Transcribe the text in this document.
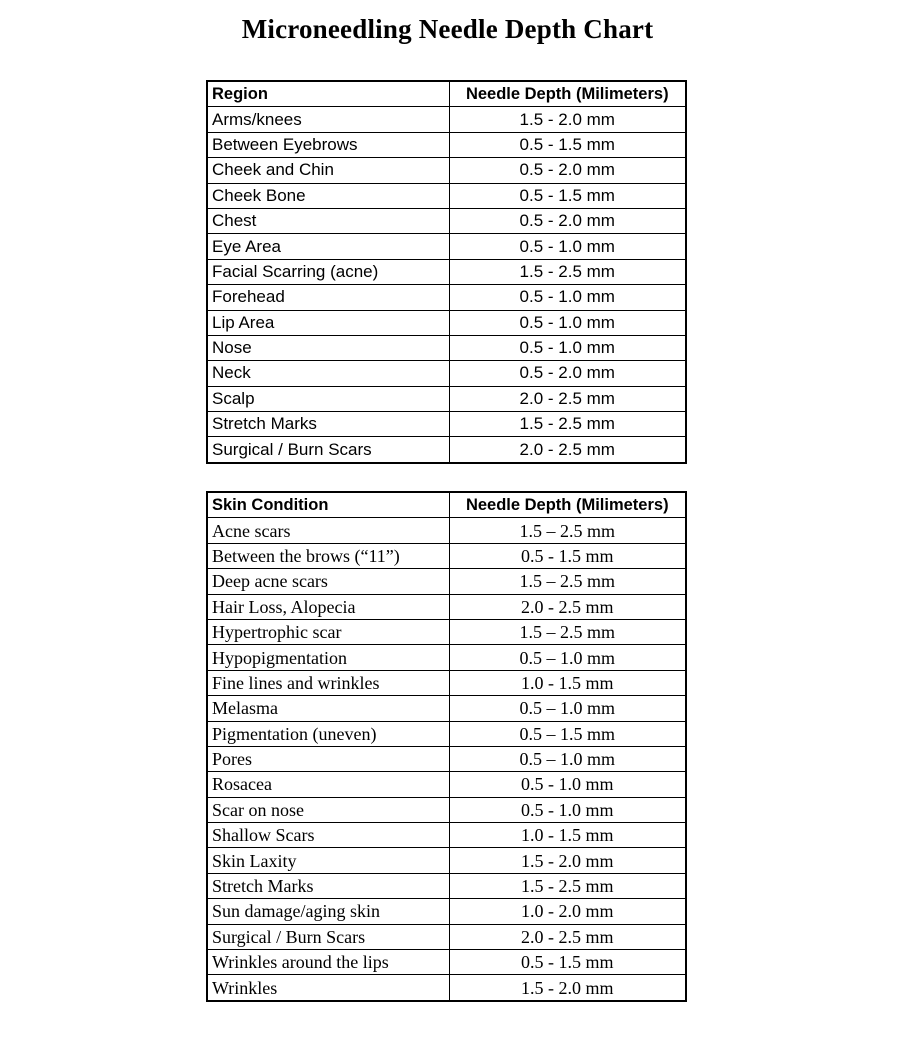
Microneedling Needle Depth Chart
Region	Needle Depth (Milimeters)
Arms/knees	1.5 - 2.0 mm
Between Eyebrows	0.5 - 1.5 mm
Cheek and Chin	0.5 - 2.0 mm
Cheek Bone	0.5 - 1.5 mm
Chest	0.5 - 2.0 mm
Eye Area	0.5 - 1.0 mm
Facial Scarring (acne)	1.5 - 2.5 mm
Forehead	0.5 - 1.0 mm
Lip Area	0.5 - 1.0 mm
Nose	0.5 - 1.0 mm
Neck	0.5 - 2.0 mm
Scalp	2.0 - 2.5 mm
Stretch Marks	1.5 - 2.5 mm
Surgical / Burn Scars	2.0 - 2.5 mm
Skin Condition	Needle Depth (Milimeters)
Acne scars	1.5 – 2.5 mm
Between the brows (“11”)	0.5 - 1.5 mm
Deep acne scars	1.5 – 2.5 mm
Hair Loss, Alopecia	2.0 - 2.5 mm
Hypertrophic scar	1.5 – 2.5 mm
Hypopigmentation	0.5 – 1.0 mm
Fine lines and wrinkles	1.0 - 1.5 mm
Melasma	0.5 – 1.0 mm
Pigmentation (uneven)	0.5 – 1.5 mm
Pores	0.5 – 1.0 mm
Rosacea	0.5 - 1.0 mm
Scar on nose	0.5 - 1.0 mm
Shallow Scars	1.0 - 1.5 mm
Skin Laxity	1.5 - 2.0 mm
Stretch Marks	1.5 - 2.5 mm
Sun damage/aging skin	1.0 - 2.0 mm
Surgical / Burn Scars	2.0 - 2.5 mm
Wrinkles around the lips	0.5 - 1.5 mm
Wrinkles	1.5 - 2.0 mm
